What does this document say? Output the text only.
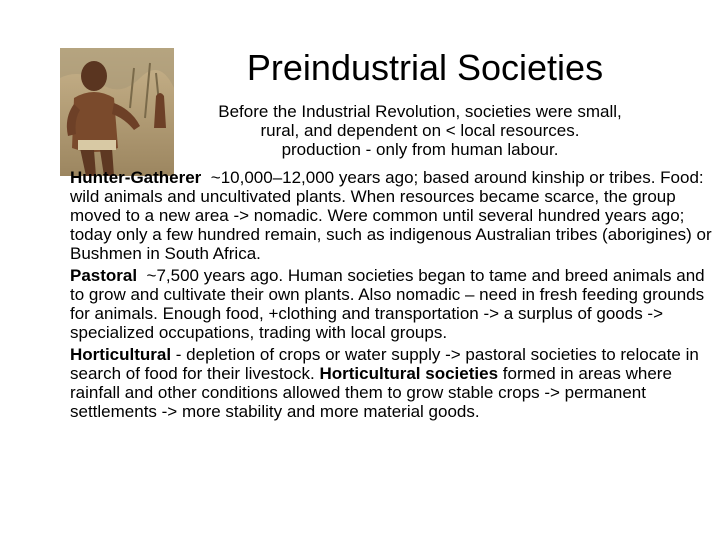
Preindustrial Societies
Before the Industrial Revolution, societies were small,
rural, and dependent on < local resources.
production - only from human labour.

Hunter-Gatherer ~10,000–12,000 years ago; based around kinship or tribes. Food: wild animals and uncultivated plants. When resources became scarce, the group moved to a new area -> nomadic. Were common until several hundred years ago; today only a few hundred remain, such as indigenous Australian tribes (aborigines) or Bushmen in South Africa.

Pastoral ~7,500 years ago. Human societies began to tame and breed animals and to grow and cultivate their own plants. Also nomadic – need in fresh feeding grounds for animals. Enough food, +clothing and transportation -> a surplus of goods -> specialized occupations, trading with local groups.

Horticultural - depletion of crops or water supply -> pastoral societies to relocate in search of food for their livestock. Horticultural societies formed in areas where rainfall and other conditions allowed them to grow stable crops -> permanent settlements -> more stability and more material goods.
